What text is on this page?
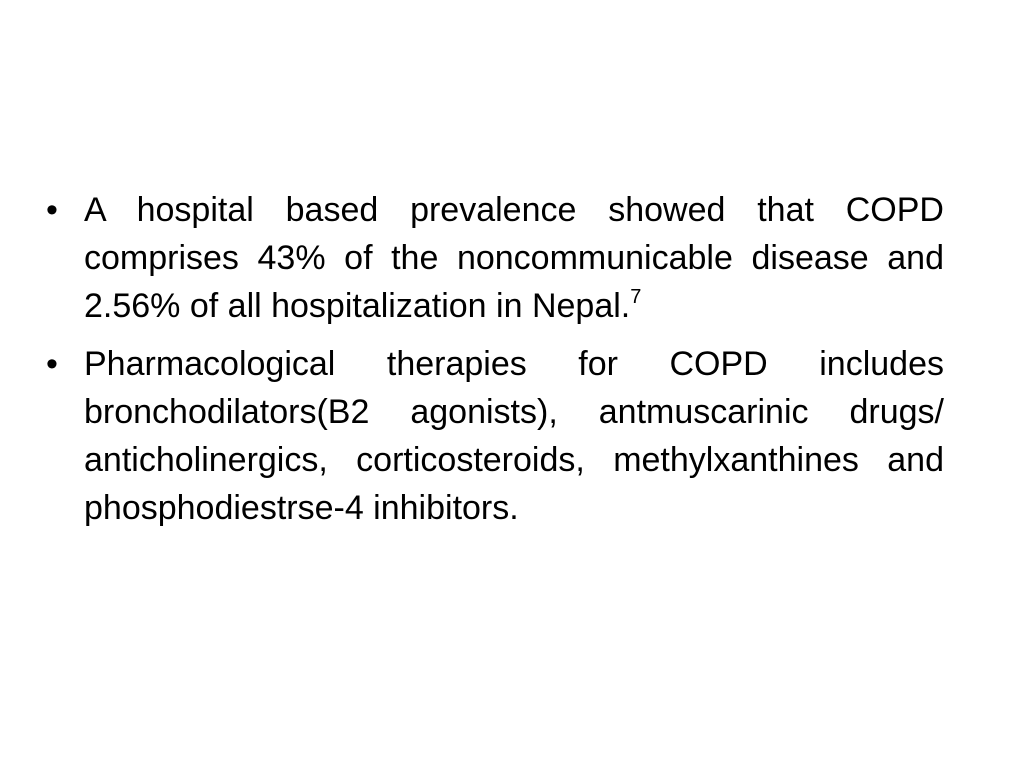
• A hospital based prevalence showed that COPD comprises 43% of the noncommunicable disease and 2.56% of all hospitalization in Nepal.$^7$
• Pharmacological therapies for COPD includes bronchodilators(B2 agonists), antmuscarinic drugs/ anticholinergics, corticosteroids, methylxanthines and phosphodiestrse-4 inhibitors.
